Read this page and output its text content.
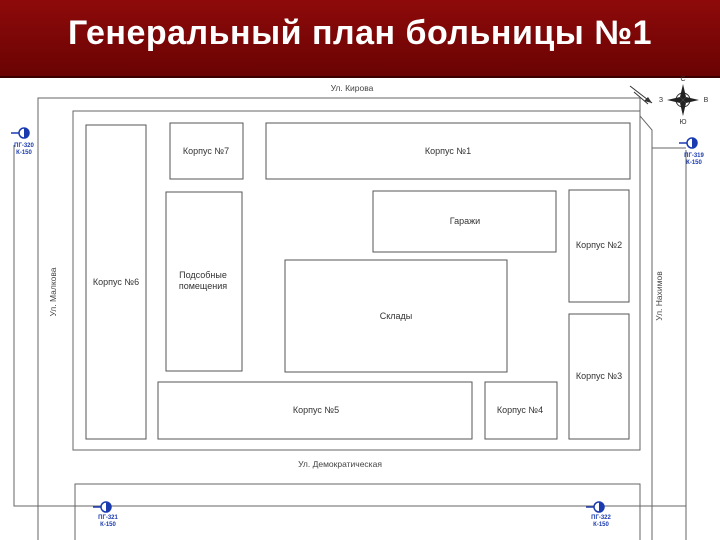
Генеральный план больницы №1
Корпус №7	Корпус №1
Гаражи
Корпус №2
Корпус №6
Подсобные
помещения
Склады
Корпус №3
Корпус №5	Корпус №4
Ул. Кирова
Ул. Демократическая
Ул. Малкова	Ул. Нахимов
ПГ-320
К-150	ПГ-319
К-150
ПГ-321
К-150
ПГ-322
К-150
С
Ю
З	В
